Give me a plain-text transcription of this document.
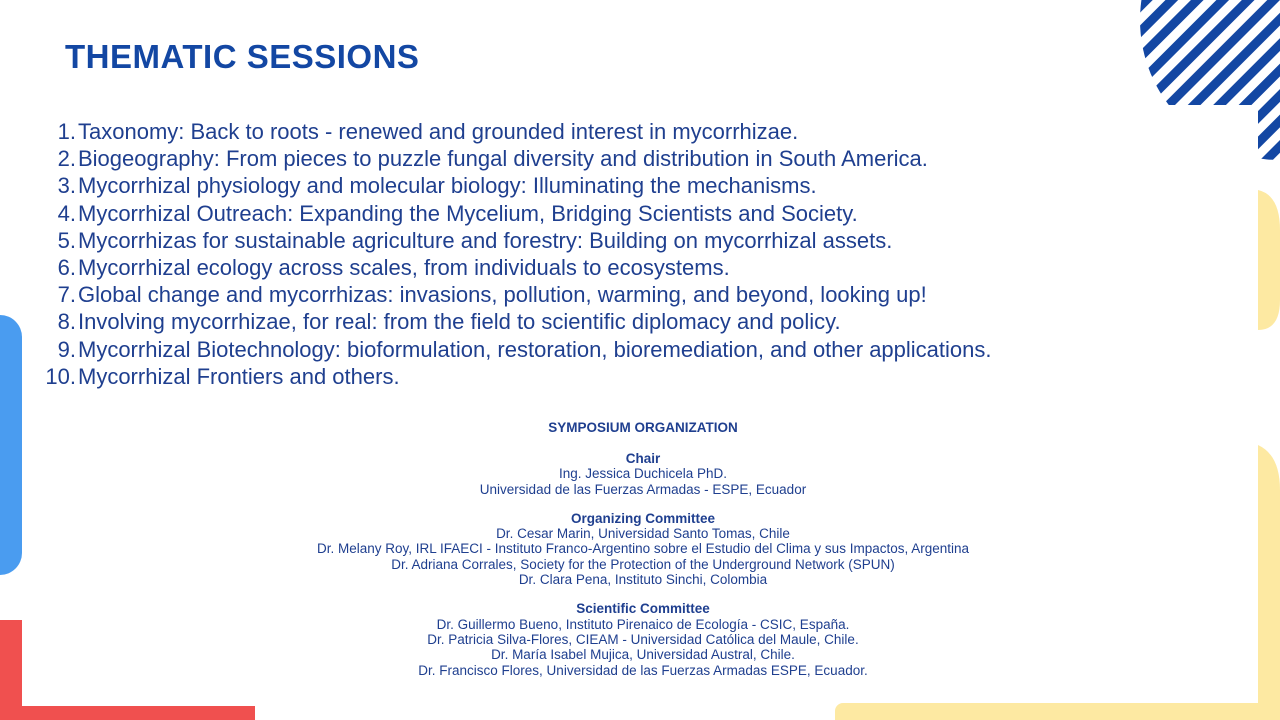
THEMATIC SESSIONS
1. Taxonomy: Back to roots - renewed and grounded interest in mycorrhizae.
2. Biogeography: From pieces to puzzle fungal diversity and distribution in South America.
3. Mycorrhizal physiology and molecular biology: Illuminating the mechanisms.
4. Mycorrhizal Outreach: Expanding the Mycelium, Bridging Scientists and Society.
5. Mycorrhizas for sustainable agriculture and forestry: Building on mycorrhizal assets.
6. Mycorrhizal ecology across scales, from individuals to ecosystems.
7. Global change and mycorrhizas: invasions, pollution, warming, and beyond, looking up!
8. Involving mycorrhizae, for real: from the field to scientific diplomacy and policy.
9. Mycorrhizal Biotechnology: bioformulation, restoration, bioremediation, and other applications.
10. Mycorrhizal Frontiers and others.
SYMPOSIUM ORGANIZATION
Chair
Ing. Jessica Duchicela PhD.
Universidad de las Fuerzas Armadas - ESPE, Ecuador
Organizing Committee
Dr. Cesar Marin, Universidad Santo Tomas, Chile
Dr. Melany Roy, IRL IFAECI - Instituto Franco-Argentino sobre el Estudio del Clima y sus Impactos, Argentina
Dr. Adriana Corrales, Society for the Protection of the Underground Network (SPUN)
Dr. Clara Pena, Instituto Sinchi, Colombia
Scientific Committee
Dr. Guillermo Bueno, Instituto Pirenaico de Ecología - CSIC, España.
Dr. Patricia Silva-Flores, CIEAM - Universidad Católica del Maule, Chile.
Dr. María Isabel Mujica, Universidad Austral, Chile.
Dr. Francisco Flores, Universidad de las Fuerzas Armadas ESPE, Ecuador.
